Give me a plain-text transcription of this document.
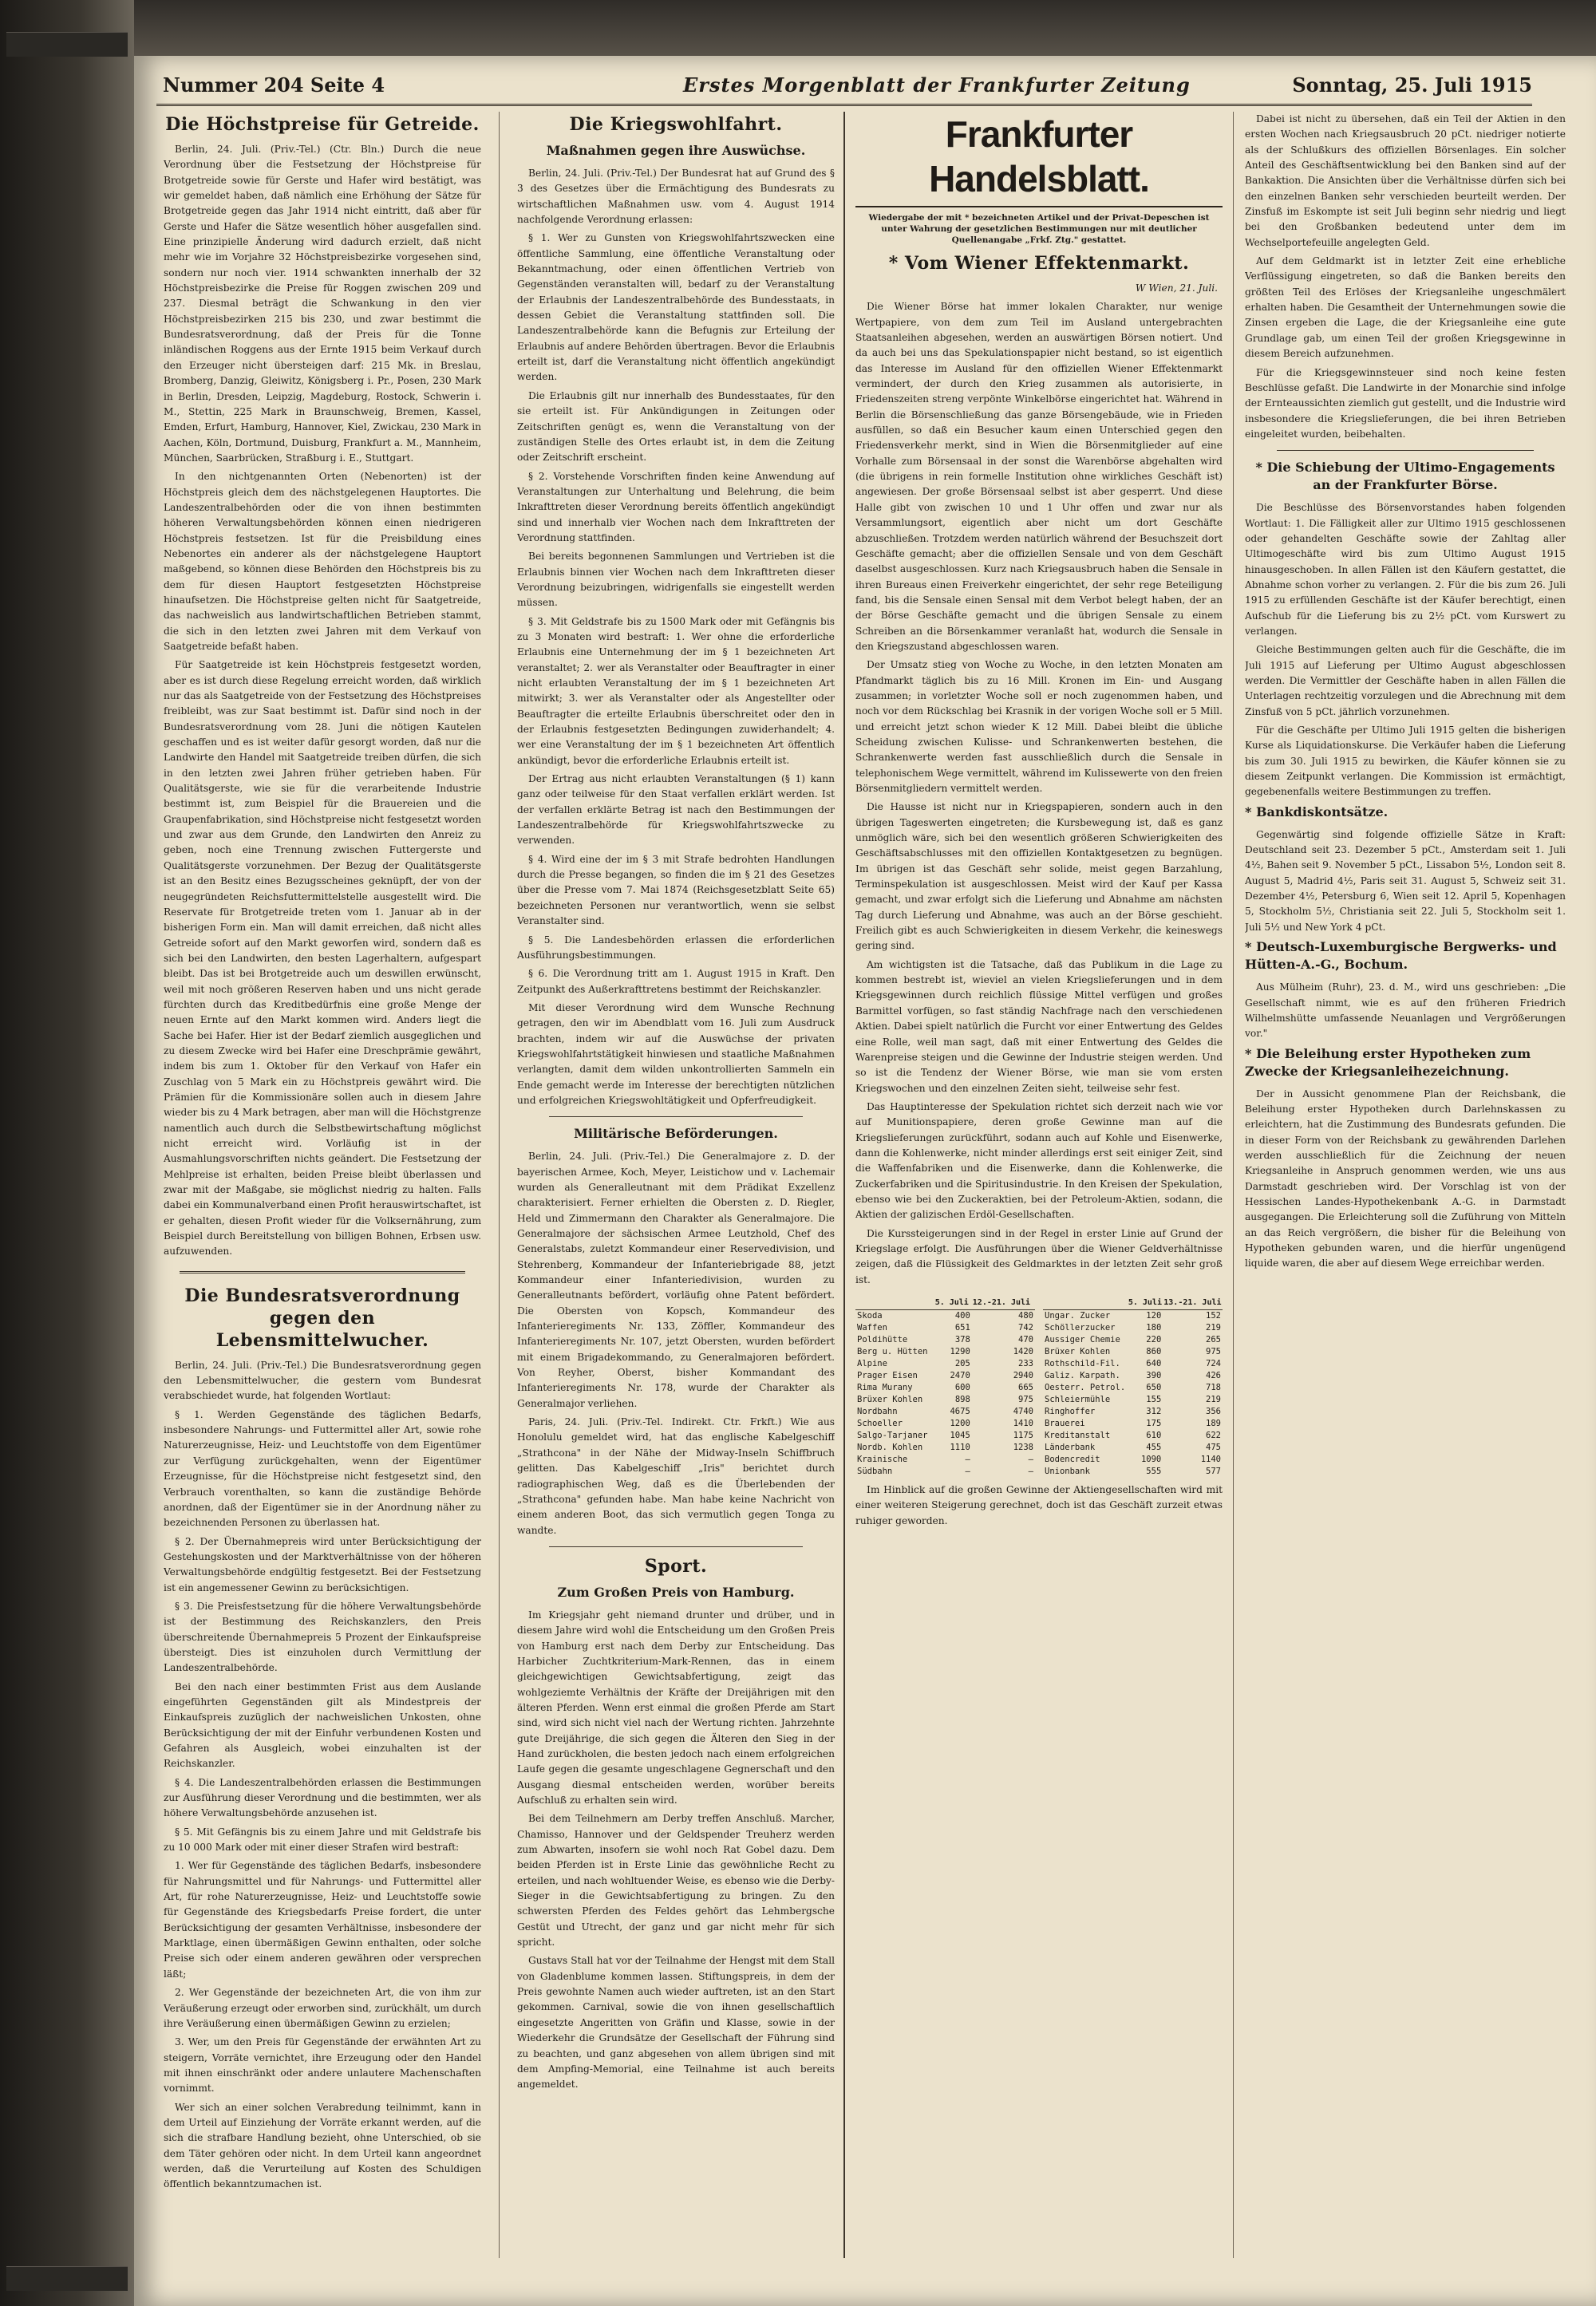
Nummer 204 Seite 4	Erstes Morgenblatt der Frankfurter Zeitung	Sonntag, 25. Juli 1915
Die Höchstpreise für Getreide.

Berlin, 24. Juli. (Priv.-Tel.) (Ctr. Bln.) Durch die neue Verordnung über die Festsetzung der Höchstpreise für Brotgetreide sowie für Gerste und Hafer wird bestätigt, was wir gemeldet haben, daß nämlich eine Erhöhung der Sätze für Brotgetreide gegen das Jahr 1914 nicht eintritt, daß aber für Gerste und Hafer die Sätze wesentlich höher ausgefallen sind. Eine prinzipielle Änderung wird dadurch erzielt, daß nicht mehr wie im Vorjahre 32 Höchstpreisbezirke vorgesehen sind, sondern nur noch vier. 1914 schwankten innerhalb der 32 Höchstpreisbezirke die Preise für Roggen zwischen 209 und 237. Diesmal beträgt die Schwankung in den vier Höchstpreisbezirken 215 bis 230, und zwar bestimmt die Bundesratsverordnung, daß der Preis für die Tonne inländischen Roggens aus der Ernte 1915 beim Verkauf durch den Erzeuger nicht übersteigen darf: 215 Mk. in Breslau, Bromberg, Danzig, Gleiwitz, Königsberg i. Pr., Posen, 230 Mark in Berlin, Dresden, Leipzig, Magdeburg, Rostock, Schwerin i. M., Stettin, 225 Mark in Braunschweig, Bremen, Kassel, Emden, Erfurt, Hamburg, Hannover, Kiel, Zwickau, 230 Mark in Aachen, Köln, Dortmund, Duisburg, Frankfurt a. M., Mannheim, München, Saarbrücken, Straßburg i. E., Stuttgart.

In den nichtgenannten Orten (Nebenorten) ist der Höchstpreis gleich dem des nächstgelegenen Hauptortes. Die Landeszentralbehörden oder die von ihnen bestimmten höheren Verwaltungsbehörden können einen niedrigeren Höchstpreis festsetzen. Ist für die Preisbildung eines Nebenortes ein anderer als der nächstgelegene Hauptort maßgebend, so können diese Behörden den Höchstpreis bis zu dem für diesen Hauptort festgesetzten Höchstpreise hinaufsetzen. Die Höchstpreise gelten nicht für Saatgetreide, das nachweislich aus landwirtschaftlichen Betrieben stammt, die sich in den letzten zwei Jahren mit dem Verkauf von Saatgetreide befaßt haben.

Für Saatgetreide ist kein Höchstpreis festgesetzt worden, aber es ist durch diese Regelung erreicht worden, daß wirklich nur das als Saatgetreide von der Festsetzung des Höchstpreises freibleibt, was zur Saat bestimmt ist. Dafür sind noch in der Bundesratsverordnung vom 28. Juni die nötigen Kautelen geschaffen und es ist weiter dafür gesorgt worden, daß nur die Landwirte den Handel mit Saatgetreide treiben dürfen, die sich in den letzten zwei Jahren früher getrieben haben. Für Qualitätsgerste, wie sie für die verarbeitende Industrie bestimmt ist, zum Beispiel für die Brauereien und die Graupenfabrikation, sind Höchstpreise nicht festgesetzt worden und zwar aus dem Grunde, den Landwirten den Anreiz zu geben, noch eine Trennung zwischen Futtergerste und Qualitätsgerste vorzunehmen. Der Bezug der Qualitätsgerste ist an den Besitz eines Bezugsscheines geknüpft, der von der neugegründeten Reichsfuttermittelstelle ausgestellt wird. Die Reservate für Brotgetreide treten vom 1. Januar ab in der bisherigen Form ein. Man will damit erreichen, daß nicht alles Getreide sofort auf den Markt geworfen wird, sondern daß es sich bei den Landwirten, den besten Lagerhaltern, aufgespart bleibt. Das ist bei Brotgetreide auch um deswillen erwünscht, weil mit noch größeren Reserven haben und uns nicht gerade fürchten durch das Kreditbedürfnis eine große Menge der neuen Ernte auf den Markt kommen wird. Anders liegt die Sache bei Hafer. Hier ist der Bedarf ziemlich ausgeglichen und zu diesem Zwecke wird bei Hafer eine Dreschprämie gewährt, indem bis zum 1. Oktober für den Verkauf von Hafer ein Zuschlag von 5 Mark ein zu Höchstpreis gewährt wird. Die Prämien für die Kommissionäre sollen auch in diesem Jahre wieder bis zu 4 Mark betragen, aber man will die Höchstgrenze namentlich auch durch die Selbstbewirtschaftung möglichst nicht erreicht wird. Vorläufig ist in der Ausmahlungsvorschriften nichts geändert. Die Festsetzung der Mehlpreise ist erhalten, beiden Preise bleibt überlassen und zwar mit der Maßgabe, sie möglichst niedrig zu halten. Falls dabei ein Kommunalverband einen Profit herauswirtschaftet, ist er gehalten, diesen Profit wieder für die Volksernährung, zum Beispiel durch Bereitstellung von billigen Bohnen, Erbsen usw. aufzuwenden.

Die Bundesratsverordnung gegen den Lebensmittelwucher.

Berlin, 24. Juli. (Priv.-Tel.) Die Bundesratsverordnung gegen den Lebensmittelwucher, die gestern vom Bundesrat verabschiedet wurde, hat folgenden Wortlaut:

§ 1. Werden Gegenstände des täglichen Bedarfs, insbesondere Nahrungs- und Futtermittel aller Art, sowie rohe Naturerzeugnisse, Heiz- und Leuchtstoffe von dem Eigentümer zur Verfügung zurückgehalten, wenn der Eigentümer Erzeugnisse, für die Höchstpreise nicht festgesetzt sind, den Verbrauch vorenthalten, so kann die zuständige Behörde anordnen, daß der Eigentümer sie in der Anordnung näher zu bezeichnenden Personen zu überlassen hat.

§ 2. Der Übernahmepreis wird unter Berücksichtigung der Gestehungskosten und der Marktverhältnisse von der höheren Verwaltungsbehörde endgültig festgesetzt. Bei der Festsetzung ist ein angemessener Gewinn zu berücksichtigen.

§ 3. Die Preisfestsetzung für die höhere Verwaltungsbehörde ist der Bestimmung des Reichskanzlers, den Preis überschreitende Übernahmepreis 5 Prozent der Einkaufspreise übersteigt. Dies ist einzuholen durch Vermittlung der Landeszentralbehörde.

Bei den nach einer bestimmten Frist aus dem Auslande eingeführten Gegenständen gilt als Mindestpreis der Einkaufspreis zuzüglich der nachweislichen Unkosten, ohne Berücksichtigung der mit der Einfuhr verbundenen Kosten und Gefahren als Ausgleich, wobei einzuhalten ist der Reichskanzler.

§ 4. Die Landeszentralbehörden erlassen die Bestimmungen zur Ausführung dieser Verordnung und die bestimmten, wer als höhere Verwaltungsbehörde anzusehen ist.

§ 5. Mit Gefängnis bis zu einem Jahre und mit Geldstrafe bis zu 10 000 Mark oder mit einer dieser Strafen wird bestraft:

1. Wer für Gegenstände des täglichen Bedarfs, insbesondere für Nahrungsmittel und für Nahrungs- und Futtermittel aller Art, für rohe Naturerzeugnisse, Heiz- und Leuchtstoffe sowie für Gegenstände des Kriegsbedarfs Preise fordert, die unter Berücksichtigung der gesamten Verhältnisse, insbesondere der Marktlage, einen übermäßigen Gewinn enthalten, oder solche Preise sich oder einem anderen gewähren oder versprechen läßt;

2. Wer Gegenstände der bezeichneten Art, die von ihm zur Veräußerung erzeugt oder erworben sind, zurückhält, um durch ihre Veräußerung einen übermäßigen Gewinn zu erzielen;

3. Wer, um den Preis für Gegenstände der erwähnten Art zu steigern, Vorräte vernichtet, ihre Erzeugung oder den Handel mit ihnen einschränkt oder andere unlautere Machenschaften vornimmt.

Wer sich an einer solchen Verabredung teilnimmt, kann in dem Urteil auf Einziehung der Vorräte erkannt werden, auf die sich die strafbare Handlung bezieht, ohne Unterschied, ob sie dem Täter gehören oder nicht. In dem Urteil kann angeordnet werden, daß die Verurteilung auf Kosten des Schuldigen öffentlich bekanntzumachen ist.

Die Kriegswohlfahrt.
Maßnahmen gegen ihre Auswüchse.

Berlin, 24. Juli. (Priv.-Tel.) Der Bundesrat hat auf Grund des § 3 des Gesetzes über die Ermächtigung des Bundesrats zu wirtschaftlichen Maßnahmen usw. vom 4. August 1914 nachfolgende Verordnung erlassen:

§ 1. Wer zu Gunsten von Kriegswohlfahrtszwecken eine öffentliche Sammlung, eine öffentliche Veranstaltung oder Bekanntmachung, oder einen öffentlichen Vertrieb von Gegenständen veranstalten will, bedarf zu der Veranstaltung der Erlaubnis der Landeszentralbehörde des Bundesstaats, in dessen Gebiet die Veranstaltung stattfinden soll. Die Landeszentralbehörde kann die Befugnis zur Erteilung der Erlaubnis auf andere Behörden übertragen. Bevor die Erlaubnis erteilt ist, darf die Veranstaltung nicht öffentlich angekündigt werden.

Die Erlaubnis gilt nur innerhalb des Bundesstaates, für den sie erteilt ist. Für Ankündigungen in Zeitungen oder Zeitschriften genügt es, wenn die Veranstaltung von der zuständigen Stelle des Ortes erlaubt ist, in dem die Zeitung oder Zeitschrift erscheint.

§ 2. Vorstehende Vorschriften finden keine Anwendung auf Veranstaltungen zur Unterhaltung und Belehrung, die beim Inkrafttreten dieser Verordnung bereits öffentlich angekündigt sind und innerhalb vier Wochen nach dem Inkrafttreten der Verordnung stattfinden.

Bei bereits begonnenen Sammlungen und Vertrieben ist die Erlaubnis binnen vier Wochen nach dem Inkrafttreten dieser Verordnung beizubringen, widrigenfalls sie eingestellt werden müssen.

§ 3. Mit Geldstrafe bis zu 1500 Mark oder mit Gefängnis bis zu 3 Monaten wird bestraft: 1. Wer ohne die erforderliche Erlaubnis eine Unternehmung der im § 1 bezeichneten Art veranstaltet; 2. wer als Veranstalter oder Beauftragter in einer nicht erlaubten Veranstaltung der im § 1 bezeichneten Art mitwirkt; 3. wer als Veranstalter oder als Angestellter oder Beauftragter die erteilte Erlaubnis überschreitet oder den in der Erlaubnis festgesetzten Bedingungen zuwiderhandelt; 4. wer eine Veranstaltung der im § 1 bezeichneten Art öffentlich ankündigt, bevor die erforderliche Erlaubnis erteilt ist.

Der Ertrag aus nicht erlaubten Veranstaltungen (§ 1) kann ganz oder teilweise für den Staat verfallen erklärt werden. Ist der verfallen erklärte Betrag ist nach den Bestimmungen der Landeszentralbehörde für Kriegswohlfahrtszwecke zu verwenden.

§ 4. Wird eine der im § 3 mit Strafe bedrohten Handlungen durch die Presse begangen, so finden die im § 21 des Gesetzes über die Presse vom 7. Mai 1874 (Reichsgesetzblatt Seite 65) bezeichneten Personen nur verantwortlich, wenn sie selbst Veranstalter sind.

§ 5. Die Landesbehörden erlassen die erforderlichen Ausführungsbestimmungen.

§ 6. Die Verordnung tritt am 1. August 1915 in Kraft. Den Zeitpunkt des Außerkrafttretens bestimmt der Reichskanzler.

Mit dieser Verordnung wird dem Wunsche Rechnung getragen, den wir im Abendblatt vom 16. Juli zum Ausdruck brachten, indem wir auf die Auswüchse der privaten Kriegswohlfahrtstätigkeit hinwiesen und staatliche Maßnahmen verlangten, damit dem wilden unkontrollierten Sammeln ein Ende gemacht werde im Interesse der berechtigten nützlichen und erfolgreichen Kriegswohltätigkeit und Opferfreudigkeit.

Militärische Beförderungen.

Berlin, 24. Juli. (Priv.-Tel.) Die Generalmajore z. D. der bayerischen Armee, Koch, Meyer, Leistichow und v. Lachemair wurden als Generalleutnant mit dem Prädikat Exzellenz charakterisiert. Ferner erhielten die Obersten z. D. Riegler, Held und Zimmermann den Charakter als Generalmajore. Die Generalmajore der sächsischen Armee Leutzhold, Chef des Generalstabs, zuletzt Kommandeur einer Reservedivision, und Stehrenberg, Kommandeur der Infanteriebrigade 88, jetzt Kommandeur einer Infanteriedivision, wurden zu Generalleutnants befördert, vorläufig ohne Patent befördert. Die Obersten von Kopsch, Kommandeur des Infanterieregiments Nr. 133, Zöffler, Kommandeur des Infanterieregiments Nr. 107, jetzt Obersten, wurden befördert mit einem Brigadekommando, zu Generalmajoren befördert. Von Reyher, Oberst, bisher Kommandant des Infanterieregiments Nr. 178, wurde der Charakter als Generalmajor verliehen.

Paris, 24. Juli. (Priv.-Tel. Indirekt. Ctr. Frkft.) Wie aus Honolulu gemeldet wird, hat das englische Kabelgeschiff „Strathcona" in der Nähe der Midway-Inseln Schiffbruch gelitten. Das Kabelgeschiff „Iris" berichtet durch radiographischen Weg, daß es die Überlebenden der „Strathcona" gefunden habe. Man habe keine Nachricht von einem anderen Boot, das sich vermutlich gegen Tonga zu wandte.

Sport.
Zum Großen Preis von Hamburg.

Im Kriegsjahr geht niemand drunter und drüber, und in diesem Jahre wird wohl die Entscheidung um den Großen Preis von Hamburg erst nach dem Derby zur Entscheidung. Das Harbicher Zuchtkriterium-Mark-Rennen, das in einem gleichgewichtigen Gewichtsabfertigung, zeigt das wohlgeziemte Verhältnis der Kräfte der Dreijährigen mit den älteren Pferden. Wenn erst einmal die großen Pferde am Start sind, wird sich nicht viel nach der Wertung richten. Jahrzehnte gute Dreijährige, die sich gegen die Älteren den Sieg in der Hand zurückholen, die besten jedoch nach einem erfolgreichen Laufe gegen die gesamte ungeschlagene Gegnerschaft und den Ausgang diesmal entscheiden werden, worüber bereits Aufschluß zu erhalten sein wird.

Bei dem Teilnehmern am Derby treffen Anschluß. Marcher, Chamisso, Hannover und der Geldspender Treuherz werden zum Abwarten, insofern sie wohl noch Rat Gobel dazu. Dem beiden Pferden ist in Erste Linie das gewöhnliche Recht zu erteilen, und nach wohltuender Weise, es ebenso wie die Derby-Sieger in die Gewichtsabfertigung zu bringen. Zu den schwersten Pferden des Feldes gehört das Lehmbergsche Gestüt und Utrecht, der ganz und gar nicht mehr für sich spricht.

Gustavs Stall hat vor der Teilnahme der Hengst mit dem Stall von Gladenblume kommen lassen. Stiftungspreis, in dem der Preis gewohnte Namen auch wieder auftreten, ist an den Start gekommen. Carnival, sowie die von ihnen gesellschaftlich eingesetzte Angeritten von Gräfin und Klasse, sowie in der Wiederkehr die Grundsätze der Gesellschaft der Führung sind zu beachten, und ganz abgesehen von allem übrigen sind mit dem Ampfing-Memorial, eine Teilnahme ist auch bereits angemeldet.

Frankfurter Handelsblatt.
Wiedergabe der mit * bezeichneten Artikel und der Privat-Depeschen ist unter Wahrung der gesetzlichen Bestimmungen nur mit deutlicher Quellenangabe „Frkf. Ztg." gestattet.
* Vom Wiener Effektenmarkt.
W Wien, 21. Juli.

Die Wiener Börse hat immer lokalen Charakter, nur wenige Wertpapiere, von dem zum Teil im Ausland untergebrachten Staatsanleihen abgesehen, werden an auswärtigen Börsen notiert. Und da auch bei uns das Spekulationspapier nicht bestand, so ist eigentlich das Interesse im Ausland für den offiziellen Wiener Effektenmarkt vermindert, der durch den Krieg zusammen als autorisierte, in Friedenszeiten streng verpönte Winkelbörse eingerichtet hat. Während in Berlin die Börsenschließung das ganze Börsengebäude, wie in Frieden ausfüllen, so daß ein Besucher kaum einen Unterschied gegen den Friedensverkehr merkt, sind in Wien die Börsenmitglieder auf eine Vorhalle zum Börsensaal in der sonst die Warenbörse abgehalten wird (die übrigens in rein formelle Institution ohne wirkliches Geschäft ist) angewiesen. Der große Börsensaal selbst ist aber gesperrt. Und diese Halle gibt von zwischen 10 und 1 Uhr offen und zwar nur als Versammlungsort, eigentlich aber nicht um dort Geschäfte abzuschließen. Trotzdem werden natürlich während der Besuchszeit dort Geschäfte gemacht; aber die offiziellen Sensale und von dem Geschäft daselbst ausgeschlossen. Kurz nach Kriegsausbruch haben die Sensale in ihren Bureaus einen Freiverkehr eingerichtet, der sehr rege Beteiligung fand, bis die Sensale einen Sensal mit dem Verbot belegt haben, der an der Börse Geschäfte gemacht und die übrigen Sensale zu einem Schreiben an die Börsenkammer veranlaßt hat, wodurch die Sensale in den Kriegszustand abgeschlossen waren.

Der Umsatz stieg von Woche zu Woche, in den letzten Monaten am Pfandmarkt täglich bis zu 16 Mill. Kronen im Ein- und Ausgang zusammen; in vorletzter Woche soll er noch zugenommen haben, und noch vor dem Rückschlag bei Krasnik in der vorigen Woche soll er 5 Mill. und erreicht jetzt schon wieder K 12 Mill. Dabei bleibt die übliche Scheidung zwischen Kulisse- und Schrankenwerten bestehen, die Schrankenwerte werden fast ausschließlich durch die Sensale in telephonischem Wege vermittelt, während im Kulissewerte von den freien Börsenmitgliedern vermittelt werden.

Die Hausse ist nicht nur in Kriegspapieren, sondern auch in den übrigen Tageswerten eingetreten; die Kursbewegung ist, daß es ganz unmöglich wäre, sich bei den wesentlich größeren Schwierigkeiten des Geschäftsabschlusses mit den offiziellen Kontaktgesetzen zu begnügen. Im übrigen ist das Geschäft sehr solide, meist gegen Barzahlung, Terminspekulation ist ausgeschlossen. Meist wird der Kauf per Kassa gemacht, und zwar erfolgt sich die Lieferung und Abnahme am nächsten Tag durch Lieferung und Abnahme, was auch an der Börse geschieht. Freilich gibt es auch Schwierigkeiten in diesem Verkehr, die keineswegs gering sind.

Am wichtigsten ist die Tatsache, daß das Publikum in die Lage zu kommen bestrebt ist, wieviel an vielen Kriegslieferungen und in dem Kriegsgewinnen durch reichlich flüssige Mittel verfügen und großes Barmittel vorfügen, so fast ständig Nachfrage nach den verschiedenen Aktien. Dabei spielt natürlich die Furcht vor einer Entwertung des Geldes eine Rolle, weil man sagt, daß mit einer Entwertung des Geldes die Warenpreise steigen und die Gewinne der Industrie steigen werden. Und so ist die Tendenz der Wiener Börse, wie man sie vom ersten Kriegswochen und den einzelnen Zeiten sieht, teilweise sehr fest.

Das Hauptinteresse der Spekulation richtet sich derzeit nach wie vor auf Munitionspapiere, deren große Gewinne man auf die Kriegslieferungen zurückführt, sodann auch auf Kohle und Eisenwerke, dann die Kohlenwerke, nicht minder allerdings erst seit einiger Zeit, sind die Waffenfabriken und die Eisenwerke, dann die Kohlenwerke, die Zuckerfabriken und die Spiritusindustrie. In den Kreisen der Spekulation, ebenso wie bei den Zuckeraktien, bei der Petroleum-Aktien, sodann, die Aktien der galizischen Erdöl-Gesellschaften.

Die Kurssteigerungen sind in der Regel in erster Linie auf Grund der Kriegslage erfolgt. Die Ausführungen über die Wiener Geldverhältnisse zeigen, daß die Flüssigkeit des Geldmarktes in der letzten Zeit sehr groß ist.

	5. Juli	12.-21. Juli
Skoda	400	480
Waffen	651	742
Poldihütte	378	470
Berg u. Hütten	1290	1420
Alpine	205	233
Prager Eisen	2470	2940
Rima Murany	600	665
Brüxer Kohlen	898	975
Nordbahn	4675	4740
Schoeller	1200	1410
Salgo-Tarjaner	1045	1175
Nordb. Kohlen	1110	1238
Krainische	—	—
Südbahn	—	—
	5. Juli	13.-21. Juli
Ungar. Zucker	120	152
Schöllerzucker	180	219
Aussiger Chemie	220	265
Brüxer Kohlen	860	975
Rothschild-Fil.	640	724
Galiz. Karpath.	390	426
Oesterr. Petrol.	650	718
Schleiermühle	155	219
Ringhoffer	312	356
Brauerei	175	189
Kreditanstalt	610	622
Länderbank	455	475
Bodencredit	1090	1140
Unionbank	555	577

Im Hinblick auf die großen Gewinne der Aktiengesellschaften wird mit einer weiteren Steigerung gerechnet, doch ist das Geschäft zurzeit etwas ruhiger geworden.

Dabei ist nicht zu übersehen, daß ein Teil der Aktien in den ersten Wochen nach Kriegsausbruch 20 pCt. niedriger notierte als der Schlußkurs des offiziellen Börsenlages. Ein solcher Anteil des Geschäftsentwicklung bei den Banken sind auf der Bankaktion. Die Ansichten über die Verhältnisse dürfen sich bei den einzelnen Banken sehr verschieden beurteilt werden. Der Zinsfuß im Eskompte ist seit Juli beginn sehr niedrig und liegt bei den Großbanken bedeutend unter dem im Wechselportefeuille angelegten Geld.

Auf dem Geldmarkt ist in letzter Zeit eine erhebliche Verflüssigung eingetreten, so daß die Banken bereits den größten Teil des Erlöses der Kriegsanleihe ungeschmälert erhalten haben. Die Gesamtheit der Unternehmungen sowie die Zinsen ergeben die Lage, die der Kriegsanleihe eine gute Grundlage gab, um einen Teil der großen Kriegsgewinne in diesem Bereich aufzunehmen.

Für die Kriegsgewinnsteuer sind noch keine festen Beschlüsse gefaßt. Die Landwirte in der Monarchie sind infolge der Ernteaussichten ziemlich gut gestellt, und die Industrie wird insbesondere die Kriegslieferungen, die bei ihren Betrieben eingeleitet wurden, beibehalten.

* Die Schiebung der Ultimo-Engagements an der Frankfurter Börse.

Die Beschlüsse des Börsenvorstandes haben folgenden Wortlaut: 1. Die Fälligkeit aller zur Ultimo 1915 geschlossenen oder gehandelten Geschäfte sowie der Zahltag aller Ultimogeschäfte wird bis zum Ultimo August 1915 hinausgeschoben. In allen Fällen ist den Käufern gestattet, die Abnahme schon vorher zu verlangen. 2. Für die bis zum 26. Juli 1915 zu erfüllenden Geschäfte ist der Käufer berechtigt, einen Aufschub für die Lieferung bis zu 2½ pCt. vom Kurswert zu verlangen.

Gleiche Bestimmungen gelten auch für die Geschäfte, die im Juli 1915 auf Lieferung per Ultimo August abgeschlossen werden. Die Vermittler der Geschäfte haben in allen Fällen die Unterlagen rechtzeitig vorzulegen und die Abrechnung mit dem Zinsfuß von 5 pCt. jährlich vorzunehmen.

Für die Geschäfte per Ultimo Juli 1915 gelten die bisherigen Kurse als Liquidationskurse. Die Verkäufer haben die Lieferung bis zum 30. Juli 1915 zu bewirken, die Käufer können sie zu diesem Zeitpunkt verlangen. Die Kommission ist ermächtigt, gegebenenfalls weitere Bestimmungen zu treffen.

* Bankdiskontsätze.

Gegenwärtig sind folgende offizielle Sätze in Kraft: Deutschland seit 23. Dezember 5 pCt., Amsterdam seit 1. Juli 4½, Bahen seit 9. November 5 pCt., Lissabon 5½, London seit 8. August 5, Madrid 4½, Paris seit 31. August 5, Schweiz seit 31. Dezember 4½, Petersburg 6, Wien seit 12. April 5, Kopenhagen 5, Stockholm 5½, Christiania seit 22. Juli 5, Stockholm seit 1. Juli 5½ und New York 4 pCt.

* Deutsch-Luxemburgische Bergwerks- und Hütten-A.-G., Bochum.

Aus Mülheim (Ruhr), 23. d. M., wird uns geschrieben: „Die Gesellschaft nimmt, wie es auf den früheren Friedrich Wilhelmshütte umfassende Neuanlagen und Vergrößerungen vor."

* Die Beleihung erster Hypotheken zum Zwecke der Kriegsanleihezeichnung.

Der in Aussicht genommene Plan der Reichsbank, die Beleihung erster Hypotheken durch Darlehnskassen zu erleichtern, hat die Zustimmung des Bundesrats gefunden. Die in dieser Form von der Reichsbank zu gewährenden Darlehen werden ausschließlich für die Zeichnung der neuen Kriegsanleihe in Anspruch genommen werden, wie uns aus Darmstadt geschrieben wird. Der Vorschlag ist von der Hessischen Landes-Hypothekenbank A.-G. in Darmstadt ausgegangen. Die Erleichterung soll die Zuführung von Mitteln an das Reich vergrößern, die bisher für die Beleihung von Hypotheken gebunden waren, und die hierfür ungenügend liquide waren, die aber auf diesem Wege erreichbar werden.
